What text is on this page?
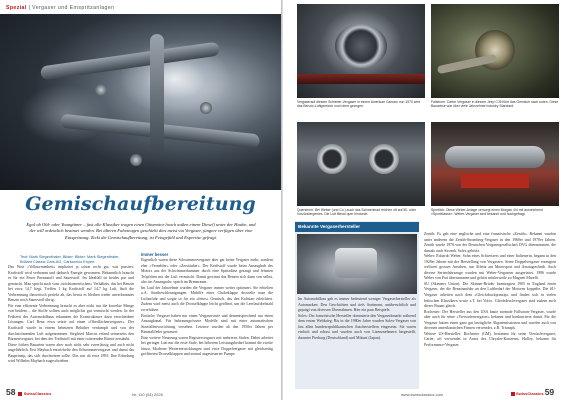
Spezial | Vergaser und Einspritzanlagen
Gemischaufbereitung
Egal ob Old- oder Youngtimer – fast alle Klassiker tragen einen Ottomotor (nach außen einem Diesel) unter der Haube, und der will ordentlich beatmet werden. Bei älteren Fahrzeugen geschieht dies meist via Vergaser, jüngere verfügen über eine Einspritzung. Zickt die Gemischaufbereitung, ist Feingefühl und Expertise gefragt.
Text: Mark Siegenthaler, Bilder: Bilder: Mark Siegenthaler, Brillant Classic Cars AG, Carburetor Expert
Das Wort «Vollnormenheit» impliziert ja schon recht gut, was passiert: Kraftstoff wird verbrannt und dadurch Energie gewonnen. Bekanntlich braucht es für ein Feuer Brennstoff und Sauerstoff. Im Idealfall ist beides pur und gemischt. Man spricht auch vom «stöchiometrischen» Verhältnis, das bei Benzin bei etwa 14,7 liegt. Treffen 1 kg Kraftstoff auf 14,7 kg Luft, läuft die Verbrennung theoretisch perfekt ab, das heisst es bleiben weder unverbranntes Benzin noch Sauerstoff übrig.
Für eine effiziente Verbrennung braucht es aber nicht nur die korrekte Menge von beidem – die Stoffe sollten auch möglichst gut vermischt werden. In der Frühzeit des Automobilbaus erkannten die Konstrukteure dazu verschiedene Lösungen. Carl Benz etwa setzte auf einen «Oberflächenvergaser». Der Kraftstoff wurde in einem beheizten Behälter verdampft und von der durchströmenden Luft aufgenommen. Siegfried Marcus erfand seinerseits den Bürstenvergaser, bei dem der Treibstoff mit einer rotierenden Bürste zerstäubt.
Diese frühen Bauarten waren aber noch nicht sehr zuverlässig und auch nicht ungefährlich. Erst Maybach entwickelte den Schwimmervergaser und damit das Bauprinzip, das sich durchsetzen sollte. Das war ab etwa 1893. Ihre Erfindung wird Wilhelm Maybach zugeschrieben.
Immer besser
Eigentlich waren diese Schwimmervergaser aber gar keine Vergaser mehr, sondern eher «Vernebler» oder «Zerstäuber». Der Kraftstoff wurde beim Ansaughub des Motors aus der Schwimmerkammer durch eine Spritzdüse gesaugt und feinsten Tröpfchen mit der Luft vermischt. Damit gewinnt das Benzin sich dann von selbst, also im Ansaugrohr, sprich im Brennraum.
Im Lauf der Jahrzehnte wurden die Vergaser immer weiter optimiert. Sie erhielten u.A. Startbeschleunigungen. Mithilfe einer Chokeklappe drosselte man die Luftzufuhr und sorgte so für ein «fettes» Gemisch, das den Kaltstart erleichtert. Zudem wird meist auch die Drosselklappe leicht geöffnet, um die Leerlaufdrehzahl zu erhöhen.
Einfache Vergaser haben nur einen Vergaserstufe und dementsprechend nur einen Ansaugkanal. Für hubraumgrössere Modelle sind mit einer automatischen Startfallenvorrichtung versehen. Letztere wurden ab den 1950er Jahren per Bimetallfeder gesteuert.
Eine weitere Neuerung waren Registervergaser mit mehreren Stufen. Dabei arbeitet bei geringer Last nur die erste Stufe, bei höherem Leistungsbedarf kommt die zweite hinzu. Moderne Weiterentwicklungen sind etwa Doppelvergaser mit gleichzeitig geöffneten Drosselklappen und zentral angesteuerter Pumpe.
58 SwissClassics	Nr. 110 (04) 2026
Vergaserauf diesem Schieber-Vergaser in einem American Camaro von 1970 wird das Benzin-Luftgemisch noch dem gezogen.
Fallstrom. Carter Vergaser in diesem Jeep CJ5 führt das Gemisch nach unten. Diese Bauweise war über viele Jahrzehnte Industry Standard.
Querstrom. Bei Weber (und Co.) auch das Schwenkrad reichen oft auf 50- oder Vorzündergenies. Die Luft fliesst quer hindurch.
Sportlich: Diese Weber-Anlage versorgt einen Morgan 4/4 mit ausreichend «Sportklasse». Weber-Vergaser sind bekannt und hochgefragt.
Bekannte Vergaserhersteller
Im Automobilbau gab es immer bedeutend weniger Vergaserhersteller als Automarken. Den Geschichten und tiefs Sortiment, unüberschtlich und geprägt von diversen Übernahmen. Hier ein paar Beispiele.
Solex: Der französische Hersteller dominierte den Vergaserkmarkt während dem ersten Weltkrieg. Bis in die 1980er Jahre wurden Solex-Vergaser von fast allen bundesrepublikanischen Autoherstellern eingesetzt. Sie waren einfach und robust und wurden auch von Lizenznehmern hergestellt, darunter Pierburg (Deutschland) und Mikuni (Japan).
Zenith: Es gab eine englische und eine französische «Zenith». Bekannt wurden unter anderem die Zenith-Stromberg-Vergaser in den 1960er und 1970er Jahren. Zenith wurde 1970 von der Deutschen Vergasergesellschaft DVG übernommen, die damals auch Stromb. Solex gehörte.
Weber: Edoardo Weber, Sohn eines Schweizers und einer Italienerin, begann in den 1920er Jahren mit der Herstellung von Vergasern. Seine Doppelvergaser erzeugten weltweit grosses Ansehen, nur Alfetta am Motorsport und Ansaugtechnik. Auch diverse Serienfahrzeuge wurden mit Weber-Vergasern ausgerüstet. 1986 wurde Weber von Fiat übernommen und gehört mittlerweile zu Magneti Marelli.
SU (Skinners Union): Die Skinner-Brüder beantragten 1905 in England einen Vergaser, der die Benzinzufuhr an den Luftbedarf der Motoren koppelte. Die SU-Vergaser arbeiten nach dem «Gleichdruckprinzip» und finden sich in vielen britischen Klassikern sowie z.T. bei Volvo. Gleichdruckvergaser sind zudem auch dieser Bauart gleich.
Rochester: Der Hersteller aus den USA baute normale Fallstrom-Vergaser, wurde aber auch für seine «Vierstufenvergaser» bekannt und konkurrierte damit. Für die Vergaser hatten einen ganz gut bezügliche Abgasemissionen und wurden auch von diversen amerikanischen Firmen verwendet, z.B. Triumph.
Weitere US-Hersteller: Rochester (GM), bestimmt für seine Vierfachvergaser, Carter, oft verwendet in Autos des Chrysler-Konzerns, Holley, bekannt für Performance-Vergaser.
www.swissclassics.com	SwissClassics 59
